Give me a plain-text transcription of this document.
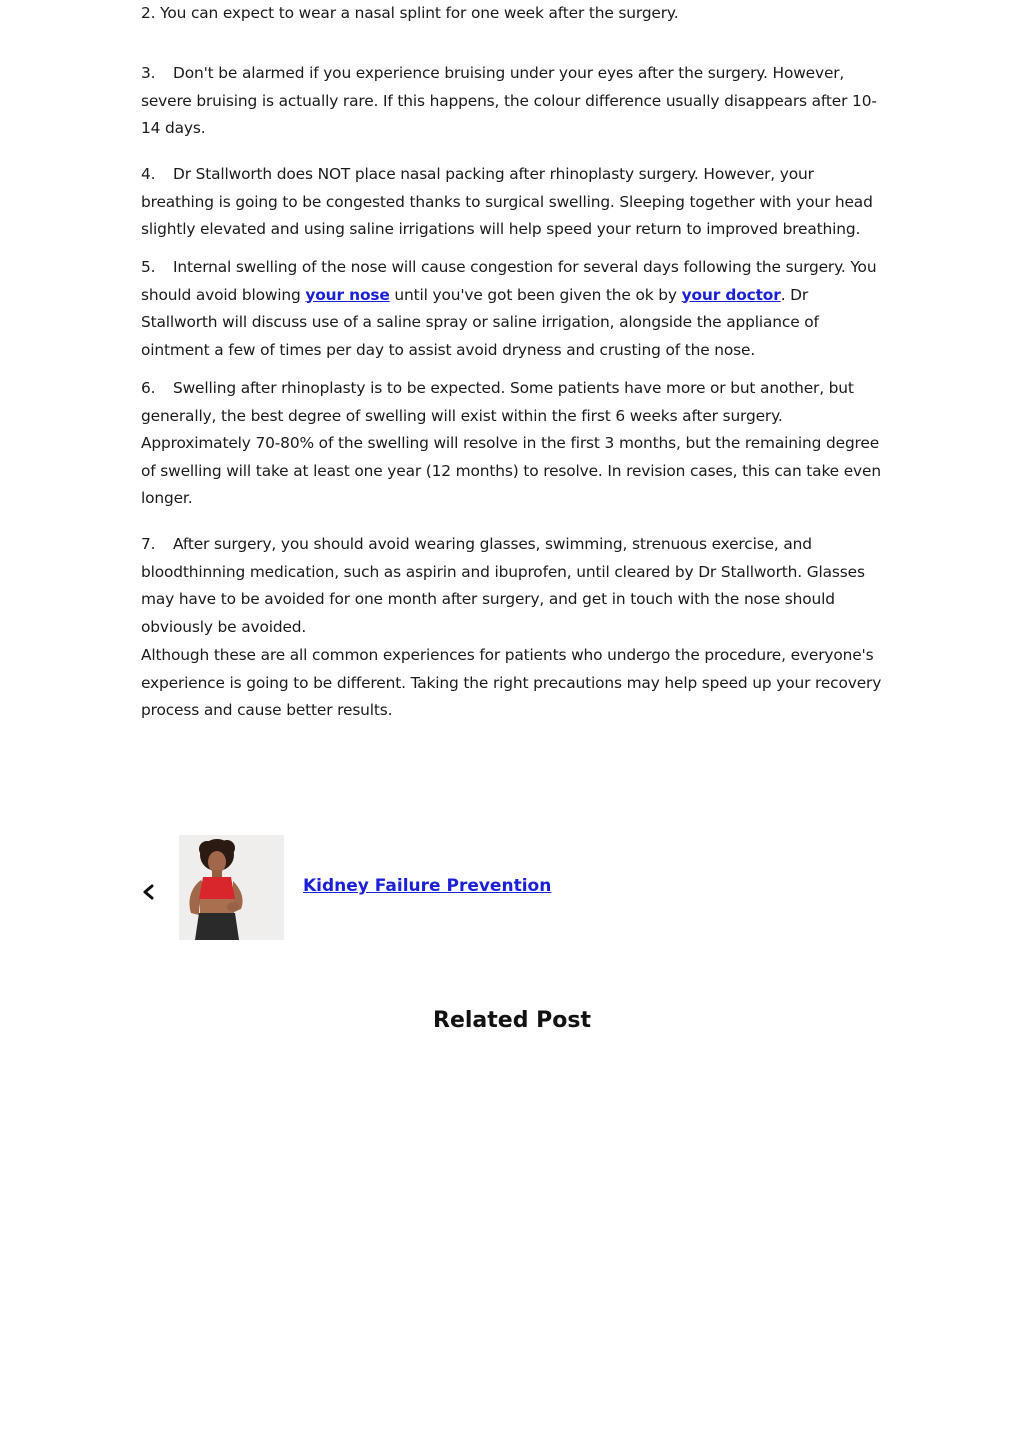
2. You can expect to wear a nasal splint for one week after the surgery.

3. Don't be alarmed if you experience bruising under your eyes after the surgery. However, severe bruising is actually rare. If this happens, the colour difference usually disappears after 10-14 days.

4. Dr Stallworth does NOT place nasal packing after rhinoplasty surgery. However, your breathing is going to be congested thanks to surgical swelling. Sleeping together with your head slightly elevated and using saline irrigations will help speed your return to improved breathing.

5. Internal swelling of the nose will cause congestion for several days following the surgery. You should avoid blowing your nose until you've got been given the ok by your doctor. Dr Stallworth will discuss use of a saline spray or saline irrigation, alongside the appliance of ointment a few of times per day to assist avoid dryness and crusting of the nose.

6. Swelling after rhinoplasty is to be expected. Some patients have more or but another, but generally, the best degree of swelling will exist within the first 6 weeks after surgery. Approximately 70-80% of the swelling will resolve in the first 3 months, but the remaining degree of swelling will take at least one year (12 months) to resolve. In revision cases, this can take even longer.

7. After surgery, you should avoid wearing glasses, swimming, strenuous exercise, and bloodthinning medication, such as aspirin and ibuprofen, until cleared by Dr Stallworth. Glasses may have to be avoided for one month after surgery, and get in touch with the nose should obviously be avoided.

Although these are all common experiences for patients who undergo the procedure, everyone's experience is going to be different. Taking the right precautions may help speed up your recovery process and cause better results.

Kidney Failure Prevention
Related Post
